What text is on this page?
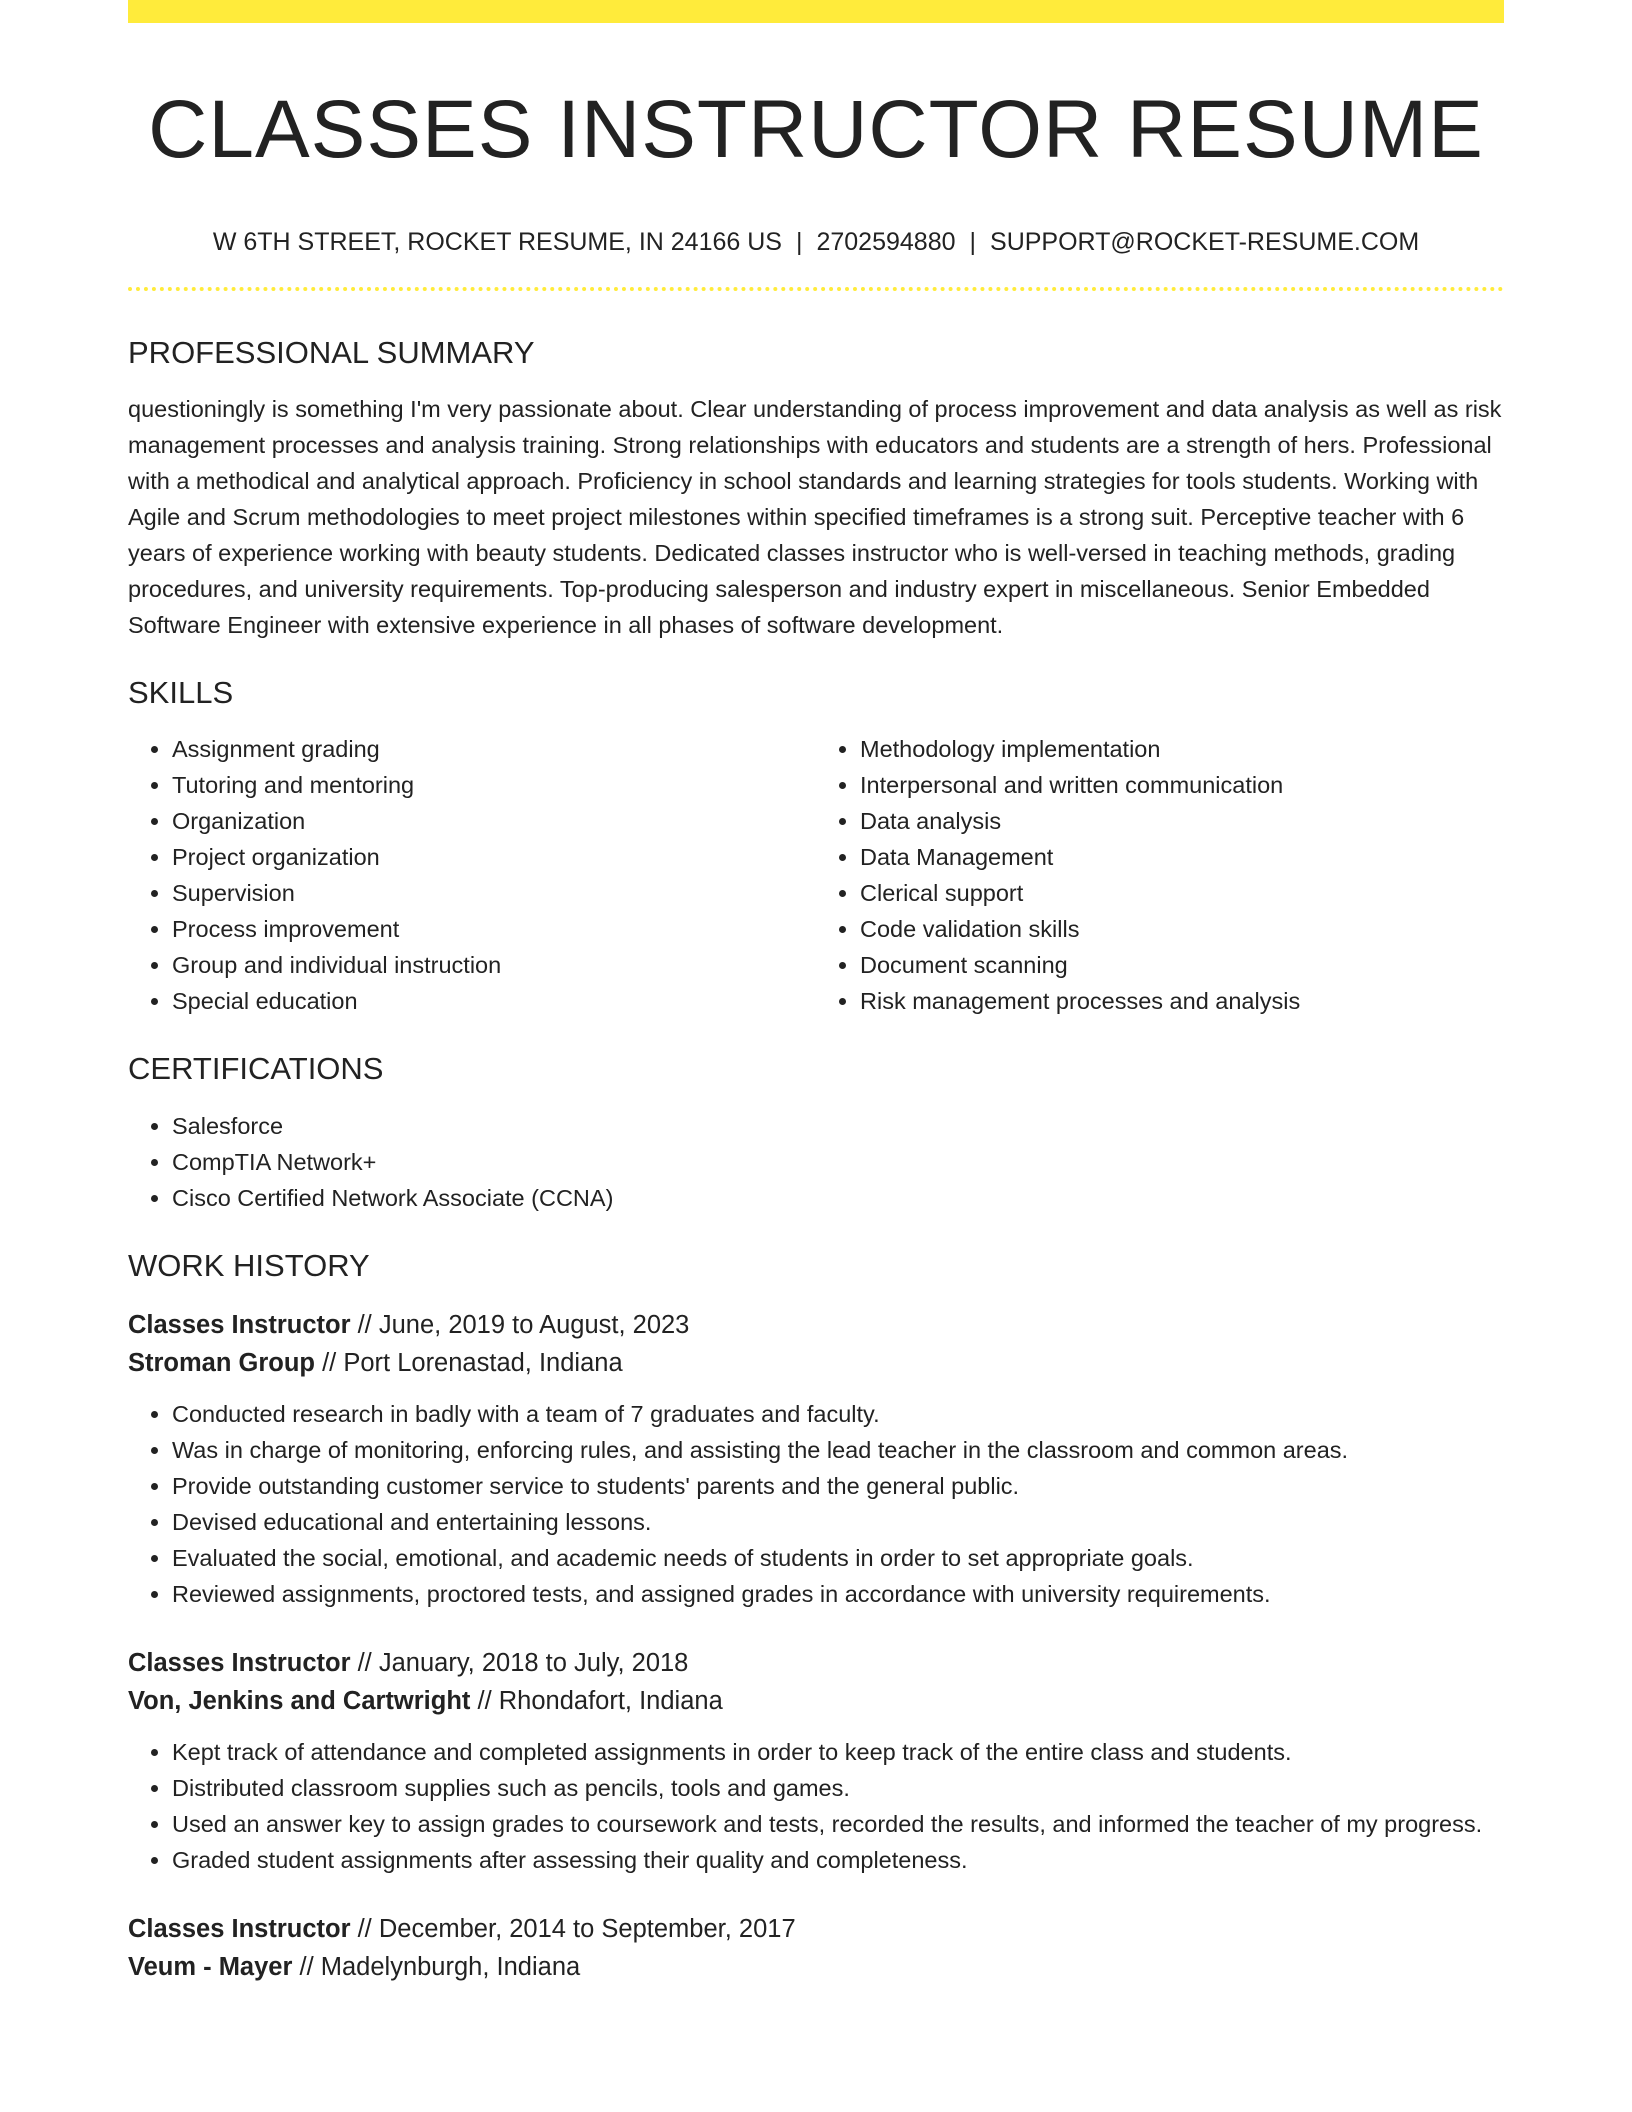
CLASSES INSTRUCTOR RESUME
W 6TH STREET, ROCKET RESUME, IN 24166 US | 2702594880 | SUPPORT@ROCKET-RESUME.COM
PROFESSIONAL SUMMARY
questioningly is something I'm very passionate about. Clear understanding of process improvement and data analysis as well as risk management processes and analysis training. Strong relationships with educators and students are a strength of hers. Professional with a methodical and analytical approach. Proficiency in school standards and learning strategies for tools students. Working with Agile and Scrum methodologies to meet project milestones within specified timeframes is a strong suit. Perceptive teacher with 6 years of experience working with beauty students. Dedicated classes instructor who is well-versed in teaching methods, grading procedures, and university requirements. Top-producing salesperson and industry expert in miscellaneous. Senior Embedded Software Engineer with extensive experience in all phases of software development.
SKILLS
• Assignment grading
• Tutoring and mentoring
• Organization
• Project organization
• Supervision
• Process improvement
• Group and individual instruction
• Special education
• Methodology implementation
• Interpersonal and written communication
• Data analysis
• Data Management
• Clerical support
• Code validation skills
• Document scanning
• Risk management processes and analysis
CERTIFICATIONS
• Salesforce
• CompTIA Network+
• Cisco Certified Network Associate (CCNA)
WORK HISTORY
Classes Instructor // June, 2019 to August, 2023
Stroman Group // Port Lorenastad, Indiana
• Conducted research in badly with a team of 7 graduates and faculty.
• Was in charge of monitoring, enforcing rules, and assisting the lead teacher in the classroom and common areas.
• Provide outstanding customer service to students' parents and the general public.
• Devised educational and entertaining lessons.
• Evaluated the social, emotional, and academic needs of students in order to set appropriate goals.
• Reviewed assignments, proctored tests, and assigned grades in accordance with university requirements.
Classes Instructor // January, 2018 to July, 2018
Von, Jenkins and Cartwright // Rhondafort, Indiana
• Kept track of attendance and completed assignments in order to keep track of the entire class and students.
• Distributed classroom supplies such as pencils, tools and games.
• Used an answer key to assign grades to coursework and tests, recorded the results, and informed the teacher of my progress.
• Graded student assignments after assessing their quality and completeness.
Classes Instructor // December, 2014 to September, 2017
Veum - Mayer // Madelynburgh, Indiana
